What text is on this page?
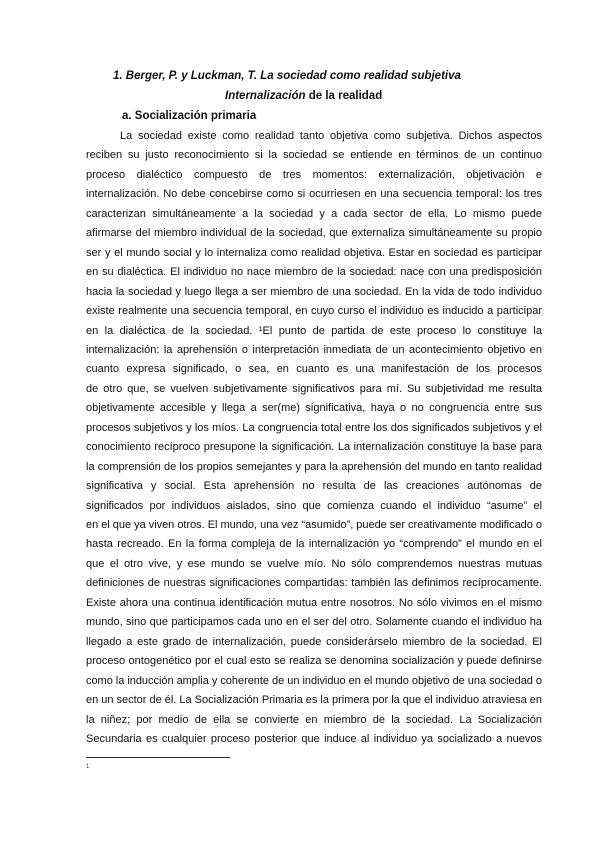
1. Berger, P. y Luckman, T. La sociedad como realidad subjetiva
Internalización de la realidad
a. Socialización primaria
La sociedad existe como realidad tanto objetiva como subjetiva. Dichos aspectos
reciben su justo reconocimiento si la sociedad se entiende en términos de un continuo
proceso dialéctico compuesto de tres momentos: externalización, objetivación e
internalización. No debe concebirse como si ocurriesen en una secuencia temporal: los tres
caracterizan simultáneamente a la sociedad y a cada sector de ella. Lo mismo puede
afirmarse del miembro individual de la sociedad, que externaliza simultáneamente su propio
ser y el mundo social y lo internaliza como realidad objetiva. Estar en sociedad es participar
en su dialéctica. El individuo no nace miembro de la sociedad: nace con una predisposición
hacia la sociedad y luego llega a ser miembro de una sociedad. En la vida de todo individuo
existe realmente una secuencia temporal, en cuyo curso el individuo es inducido a participar
en la dialéctica de la sociedad. ¹El punto de partida de este proceso lo constituye la
internalización: la aprehensión o interpretación inmediata de un acontecimiento objetivo en
cuanto expresa significado, o sea, en cuanto es una manifestación de los procesos
de otro que, se vuelven subjetivamente significativos para mí. Su subjetividad me resulta
objetivamente accesible y llega a ser(me) significativa, haya o no congruencia entre sus
procesos subjetivos y los míos. La congruencia total entre los dos significados subjetivos y el
conocimiento recíproco presupone la significación. La internalización constituye la base para
la comprensión de los propios semejantes y para la aprehensión del mundo en tanto realidad
significativa y social. Esta aprehensión no resulta de las creaciones autónomas de
significados por individuos aislados, sino que comienza cuando el individuo “asume” el
en el que ya viven otros. El mundo, una vez “asumido”, puede ser creativamente modificado o
hasta recreado. En la forma compleja de la internalización yo “comprendo” el mundo en el
que el otro vive, y ese mundo se vuelve mío. No sólo comprendemos nuestras mutuas
definiciones de nuestras significaciones compartidas: también las definimos recíprocamente.
Existe ahora una continua identificación mutua entre nosotros. No sólo vivimos en el mismo
mundo, sino que participamos cada uno en el ser del otro. Solamente cuando el individuo ha
llegado a este grado de internalización, puede considerárselo miembro de la sociedad. El
proceso ontogenético por el cual esto se realiza se denomina socialización y puede definirse
como la inducción amplia y coherente de un individuo en el mundo objetivo de una sociedad o
en un sector de él. La Socialización Primaria es la primera por la que el individuo atraviesa en
la niñez; por medio de ella se convierte en miembro de la sociedad. La Socialización
Secundaria es cualquier proceso posterior que induce al individuo ya socializado a nuevos
1
